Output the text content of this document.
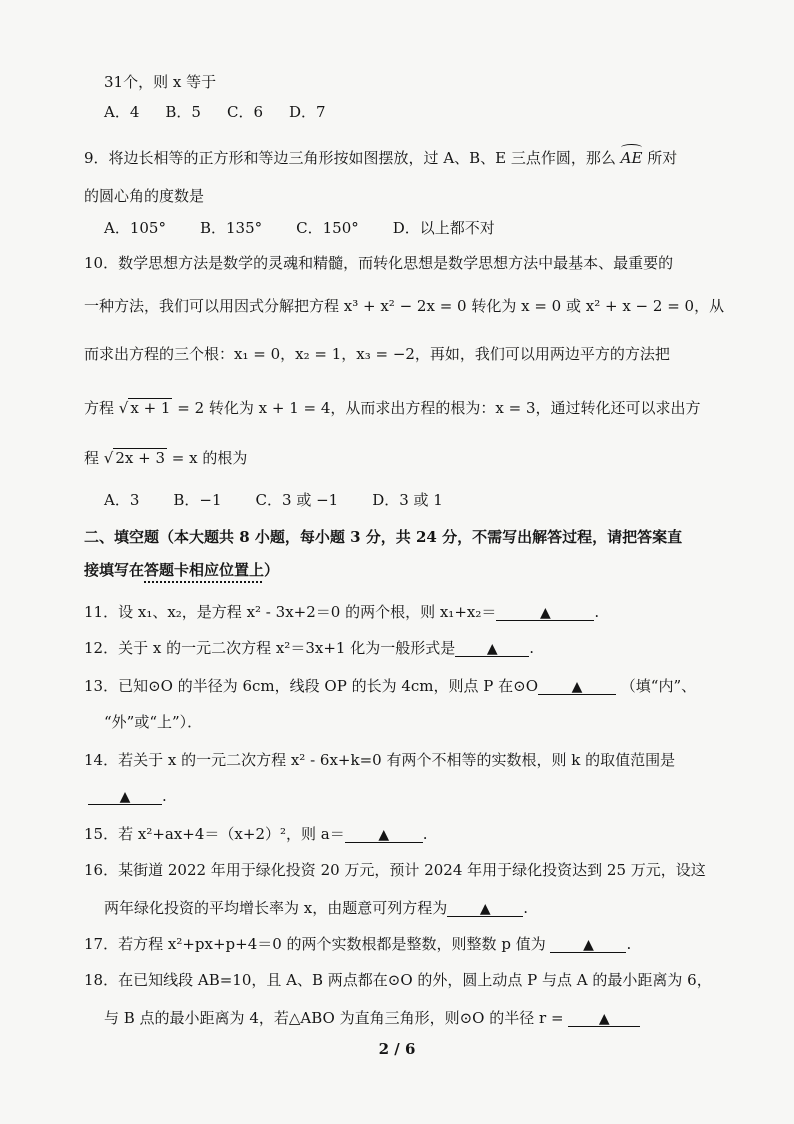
31个，则 x 等于
A．4 B．5 C．6 D．7
9．将边长相等的正方形和等边三角形按如图摆放，过 A、B、E 三点作圆，那么 AE 所对
的圆心角的度数是
A．105° B．135° C．150° D．以上都不对
10．数学思想方法是数学的灵魂和精髓，而转化思想是数学思想方法中最基本、最重要的
一种方法，我们可以用因式分解把方程 x³ + x² − 2x = 0 转化为 x = 0 或 x² + x − 2 = 0，从
而求出方程的三个根：x₁ = 0，x₂ = 1，x₃ = −2，再如，我们可以用两边平方的方法把
方程 √ x + 1 = 2 转化为 x + 1 = 4，从而求出方程的根为：x = 3，通过转化还可以求出方
程 √ 2x + 3 = x 的根为
A．3 B．−1 C．3 或 −1 D．3 或 1
二、填空题（本大题共 8 小题，每小题 3 分，共 24 分，不需写出解答过程，请把答案直
接填写在答题卡相应位置上）
11．设 x₁、x₂，是方程 x² - 3x+2＝0 的两个根，则 x₁+x₂＝	▲	.
12．关于 x 的一元二次方程 x²＝3x+1 化为一般形式是 ▲ .
13．已知⊙O 的半径为 6cm，线段 OP 的长为 4cm，则点 P 在⊙O ▲	（填“内”、
“外”或“上”）．
14．若关于 x 的一元二次方程 x² - 6x+k=0 有两个不相等的实数根，则 k 的取值范围是
▲ .
15．若 x²+ax+4＝（x+2）²，则 a＝ ▲ .
16．某街道 2022 年用于绿化投资 20 万元，预计 2024 年用于绿化投资达到 25 万元，设这
两年绿化投资的平均增长率为 x，由题意可列方程为 ▲ .
17．若方程 x²+px+p+4＝0 的两个实数根都是整数，则整数 p 值为	▲ .
18．在已知线段 AB=10，且 A、B 两点都在⊙O 的外，圆上动点 P 与点 A 的最小距离为 6，
与 B 点的最小距离为 4，若△ABO 为直角三角形，则⊙O 的半径 r =	▲
2 / 6
